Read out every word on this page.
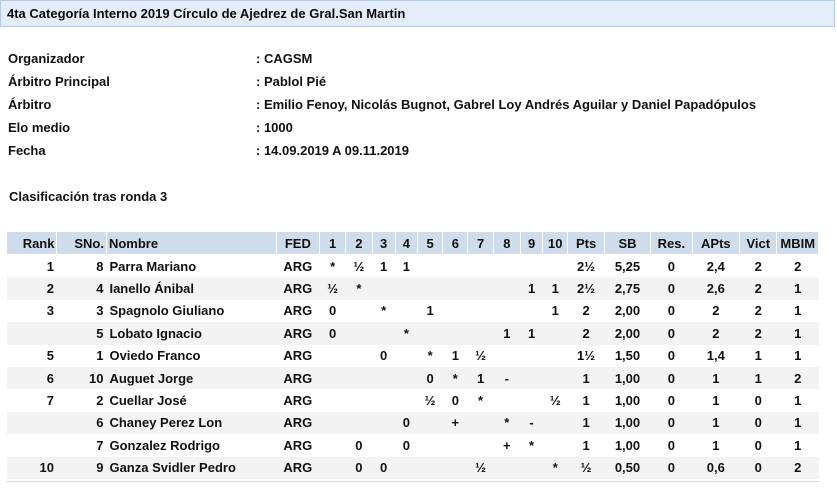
4ta Categoría Interno 2019 Círculo de Ajedrez de Gral.San Martin
Organizador	: CAGSM
Árbitro Principal	: Pablol Pié
Árbitro	: Emilio Fenoy, Nicolás Bugnot, Gabrel Loy Andrés Aguilar y Daniel Papadópulos
Elo medio	: 1000
Fecha	: 14.09.2019 A 09.11.2019
Clasificación tras ronda 3
Rank	SNo.	Nombre	FED	1	2	3	4	5	6	7	8	9	10	Pts	SB	Res.	APts	Vict	MBIM
1	8	Parra Mariano	ARG	*	½	1	1							2½	5,25	0	2,4	2	2
2	4	Ianello Ánibal	ARG	½	*							1	1	2½	2,75	0	2,6	2	1
3	3	Spagnolo Giuliano	ARG	0		*		1					1	2	2,00	0	2	2	1
	5	Lobato Ignacio	ARG	0			*				1	1		2	2,00	0	2	2	1
5	1	Oviedo Franco	ARG			0		*	1	½				1½	1,50	0	1,4	1	1
6	10	Auguet Jorge	ARG					0	*	1	-			1	1,00	0	1	1	2
7	2	Cuellar José	ARG					½	0	*			½	1	1,00	0	1	0	1
	6	Chaney Perez Lon	ARG				0		+		*	-		1	1,00	0	1	0	1
	7	Gonzalez Rodrigo	ARG		0		0				+	*		1	1,00	0	1	0	1
10	9	Ganza Svidler Pedro	ARG		0	0				½			*	½	0,50	0	0,6	0	2
